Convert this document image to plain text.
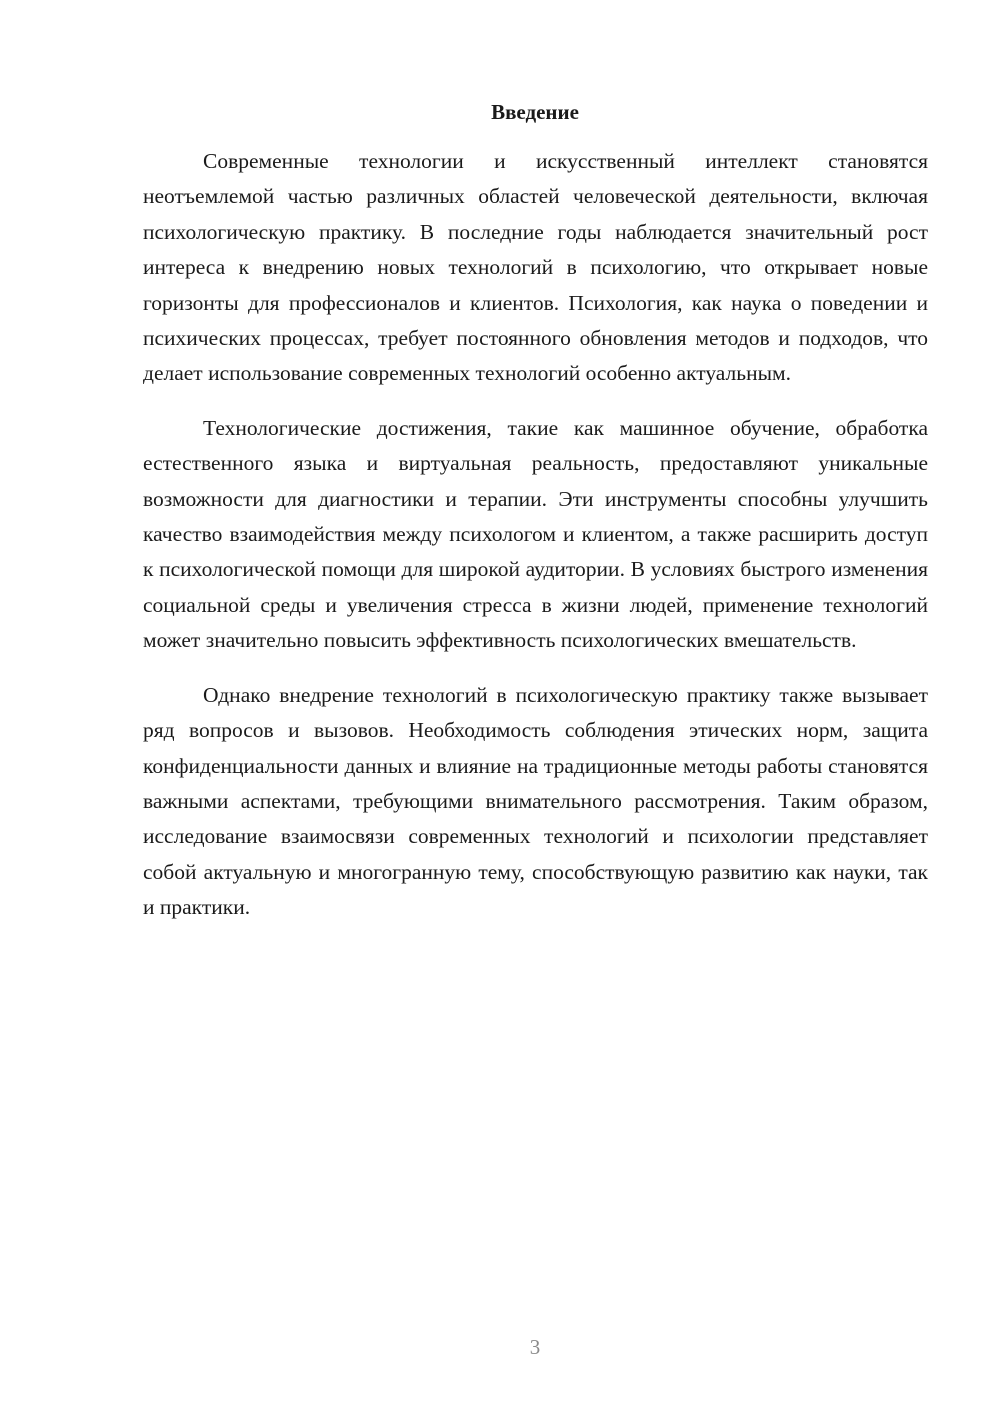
Введение

Современные технологии и искусственный интеллект становятся неотъемлемой частью различных областей человеческой деятельности, включая психологическую практику. В последние годы наблюдается значительный рост интереса к внедрению новых технологий в психологию, что открывает новые горизонты для профессионалов и клиентов. Психология, как наука о поведении и психических процессах, требует постоянного обновления методов и подходов, что делает использование современных технологий особенно актуальным.

Технологические достижения, такие как машинное обучение, обработка естественного языка и виртуальная реальность, предоставляют уникальные возможности для диагностики и терапии. Эти инструменты способны улучшить качество взаимодействия между психологом и клиентом, а также расширить доступ к психологической помощи для широкой аудитории. В условиях быстрого изменения социальной среды и увеличения стресса в жизни людей, применение технологий может значительно повысить эффективность психологических вмешательств.

Однако внедрение технологий в психологическую практику также вызывает ряд вопросов и вызовов. Необходимость соблюдения этических норм, защита конфиденциальности данных и влияние на традиционные методы работы становятся важными аспектами, требующими внимательного рассмотрения. Таким образом, исследование взаимосвязи современных технологий и психологии представляет собой актуальную и многогранную тему, способствующую развитию как науки, так и практики.

3
